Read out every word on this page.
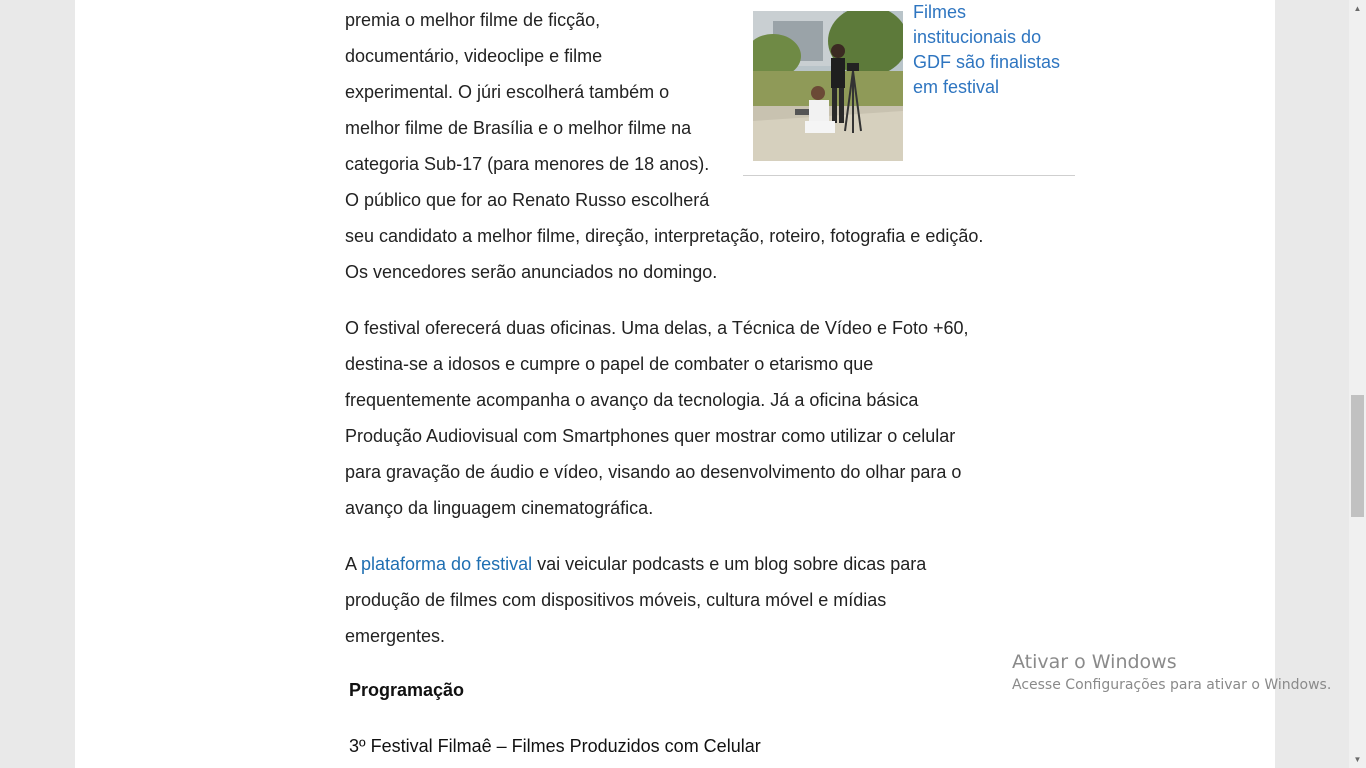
premia o melhor filme de ficção,
documentário, videoclipe e filme
experimental. O júri escolherá também o
melhor filme de Brasília e o melhor filme na
categoria Sub-17 (para menores de 18 anos).
O público que for ao Renato Russo escolherá
seu candidato a melhor filme, direção, interpretação, roteiro, fotografia e edição.
Os vencedores serão anunciados no domingo.

O festival oferecerá duas oficinas. Uma delas, a Técnica de Vídeo e Foto +60, destina-se a idosos e cumpre o papel de combater o etarismo que frequentemente acompanha o avanço da tecnologia. Já a oficina básica Produção Audiovisual com Smartphones quer mostrar como utilizar o celular para gravação de áudio e vídeo, visando ao desenvolvimento do olhar para o avanço da linguagem cinematográfica.

A plataforma do festival vai veicular podcasts e um blog sobre dicas para produção de filmes com dispositivos móveis, cultura móvel e mídias emergentes.

Filmes institucionais do GDF são finalistas em festival
Programação
3º Festival Filmaê – Filmes Produzidos com Celular
Ativar o Windows
Acesse Configurações para ativar o Windows.
▲
▼
